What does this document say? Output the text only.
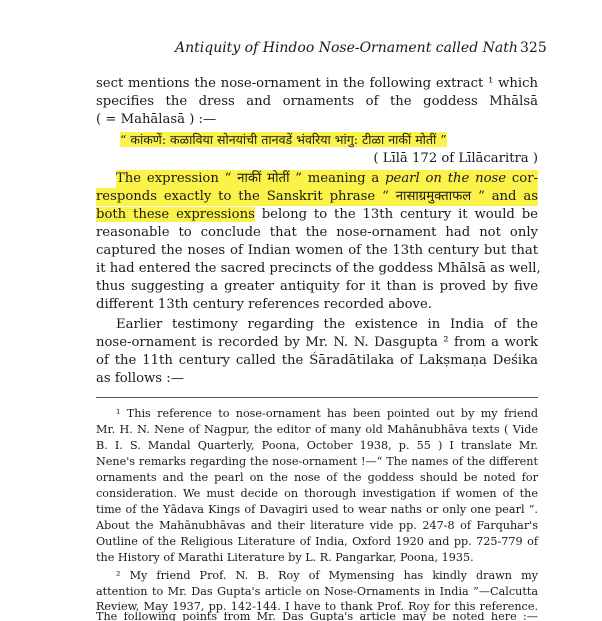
Antiquity of Hindoo Nose-Ornament called Nath 325
sect mentions the nose-ornament in the following extract ¹ which
specifies the dress and ornaments of the goddess Mhālsā
( = Mahālasā ) :—
“ कांकणें: कळाविया सोनयांची तानवडें भंवरिया भांगु: टीळा नाकीं मोतीं ”
( Līlā 172 of Līlācaritra )
The expression “ नाकीं मोतीं ” meaning a pearl on the nose cor-
responds exactly to the Sanskrit phrase “ नासाग्रमुक्ताफल ” and as
both these expressions belong to the 13th century it would be
reasonable to conclude that the nose-ornament had not only
captured the noses of Indian women of the 13th century but that
it had entered the sacred precincts of the goddess Mhālsā as well,
thus suggesting a greater antiquity for it than is proved by five
different 13th century references recorded above.
Earlier testimony regarding the existence in India of the
nose-ornament is recorded by Mr. N. N. Dasgupta ² from a work
of the 11th century called the Śāradātilaka of Lakṣmaṇa Deśika
as follows :—
¹ This reference to nose-ornament has been pointed out by my friend
Mr. H. N. Nene of Nagpur, the editor of many old Mahānubhāva texts ( Vide
B. I. S. Mandal Quarterly, Poona, October 1938, p. 55 ) I translate Mr.
Nene's remarks regarding the nose-ornament !—“ The names of the different
ornaments and the pearl on the nose of the goddess should be noted for
consideration. We must decide on thorough investigation if women of the
time of the Yādava Kings of Davagiri used to wear naths or only one pearl ”.
About the Mahānubhāvas and their literature vide pp. 247-8 of Farquhar's
Outline of the Religious Literature of India, Oxford 1920 and pp. 725-779 of
the History of Marathi Literature by L. R. Pangarkar, Poona, 1935.
² My friend Prof. N. B. Roy of Mymensing has kindly drawn my
attention to Mr. Das Gupta's article on Nose-Ornaments in India ”—Calcutta
Review, May 1937, pp. 142-144. I have to thank Prof. Roy for this reference.
The following points from Mr. Das Gupta's article may be noted here :—
